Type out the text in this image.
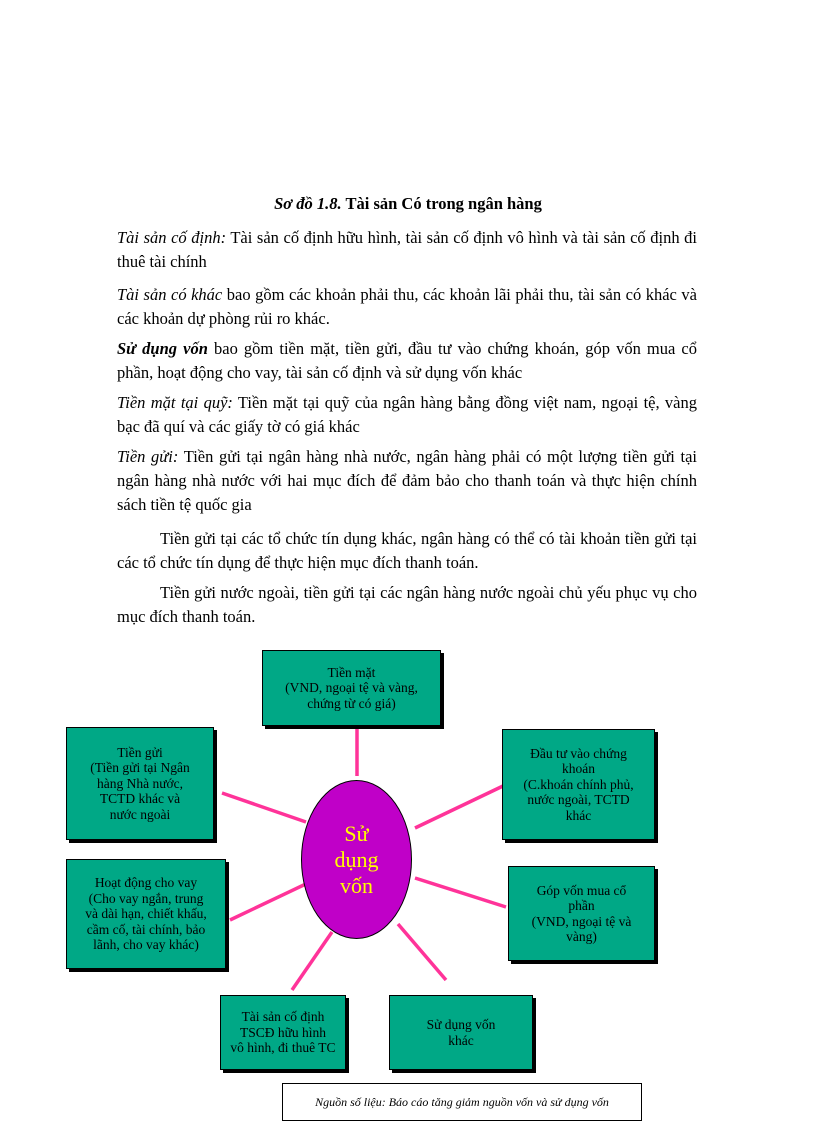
Sơ đồ 1.8. Tài sản Có trong ngân hàng
Tài sản cố định: Tài sản cố định hữu hình, tài sản cố định vô hình và tài sản cố định đi thuê tài chính
Tài sản có khác bao gồm các khoản phải thu, các khoản lãi phải thu, tài sản có khác và các khoản dự phòng rủi ro khác.
Sử dụng vốn bao gồm tiền mặt, tiền gửi, đầu tư vào chứng khoán, góp vốn mua cổ phần, hoạt động cho vay, tài sản cố định và sử dụng vốn khác
Tiền mặt tại quỹ: Tiền mặt tại quỹ của ngân hàng bằng đồng việt nam, ngoại tệ, vàng bạc đã quí và các giấy tờ có giá khác
Tiền gửi: Tiền gửi tại ngân hàng nhà nước, ngân hàng phải có một lượng tiền gửi tại ngân hàng nhà nước với hai mục đích để đảm bảo cho thanh toán và thực hiện chính sách tiền tệ quốc gia
Tiền gửi tại các tổ chức tín dụng khác, ngân hàng có thể có tài khoản tiền gửi tại các tổ chức tín dụng để thực hiện mục đích thanh toán.
Tiền gửi nước ngoài, tiền gửi tại các ngân hàng nước ngoài chủ yếu phục vụ cho mục đích thanh toán.
Sử
dụng
vốn
Tiền mặt
(VND, ngoại tệ và vàng,
chứng từ có giá)
Tiền gửi
(Tiền gửi tại Ngân
hàng Nhà nước,
TCTD khác và
nước ngoài
Đầu tư vào chứng
khoán
(C.khoán chính phủ,
nước ngoài, TCTD
khác
Hoạt động cho vay
(Cho vay ngắn, trung
và dài hạn, chiết khấu,
cầm cố, tài chính, bảo
lãnh, cho vay khác)
Góp vốn mua cổ
phần
(VND, ngoại tệ và
vàng)
Tài sản cố định
TSCĐ hữu hình
vô hình, đi thuê TC
Sử dụng vốn
khác
Nguồn số liệu: Báo cáo tăng giảm nguồn vốn và sử dụng vốn
